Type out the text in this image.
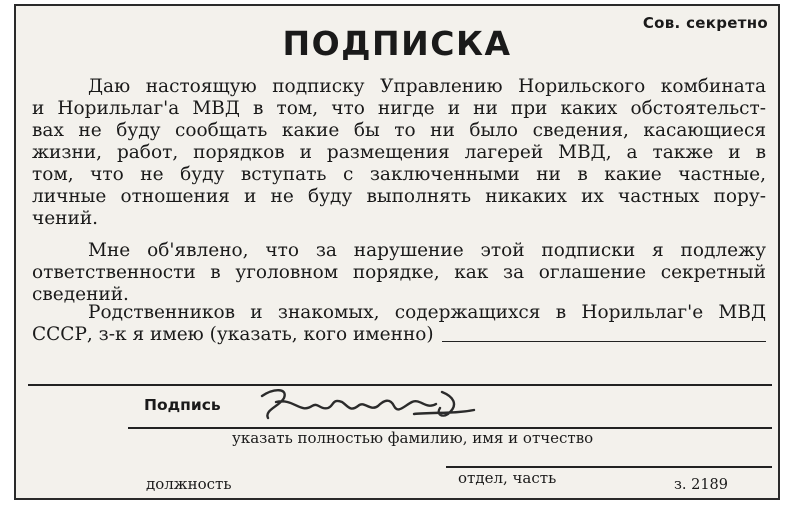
Сов. секретно
ПОДПИСКА
Даю настоящую подписку Управлению Норильского комбината
и Норильлаг'а МВД в том, что нигде и ни при каких обстоятельст-
вах не буду сообщать какие бы то ни было сведения, касающиеся
жизни, работ, порядков и размещения лагерей МВД, а также и в
том, что не буду вступать с заключенными ни в какие частные,
личные отношения и не буду выполнять никаких их частных пору-
чений.
Мне об'явлено, что за нарушение этой подписки я подлежу
ответственности в уголовном порядке, как за оглашение секретный
сведений.
Родственников и знакомых, содержащихся в Норильлаг'е МВД
СССР, з-к я имею (указать, кого именно)
Подпись
указать полностью фамилию, имя и отчество
отдел, часть
должность	з. 2189
